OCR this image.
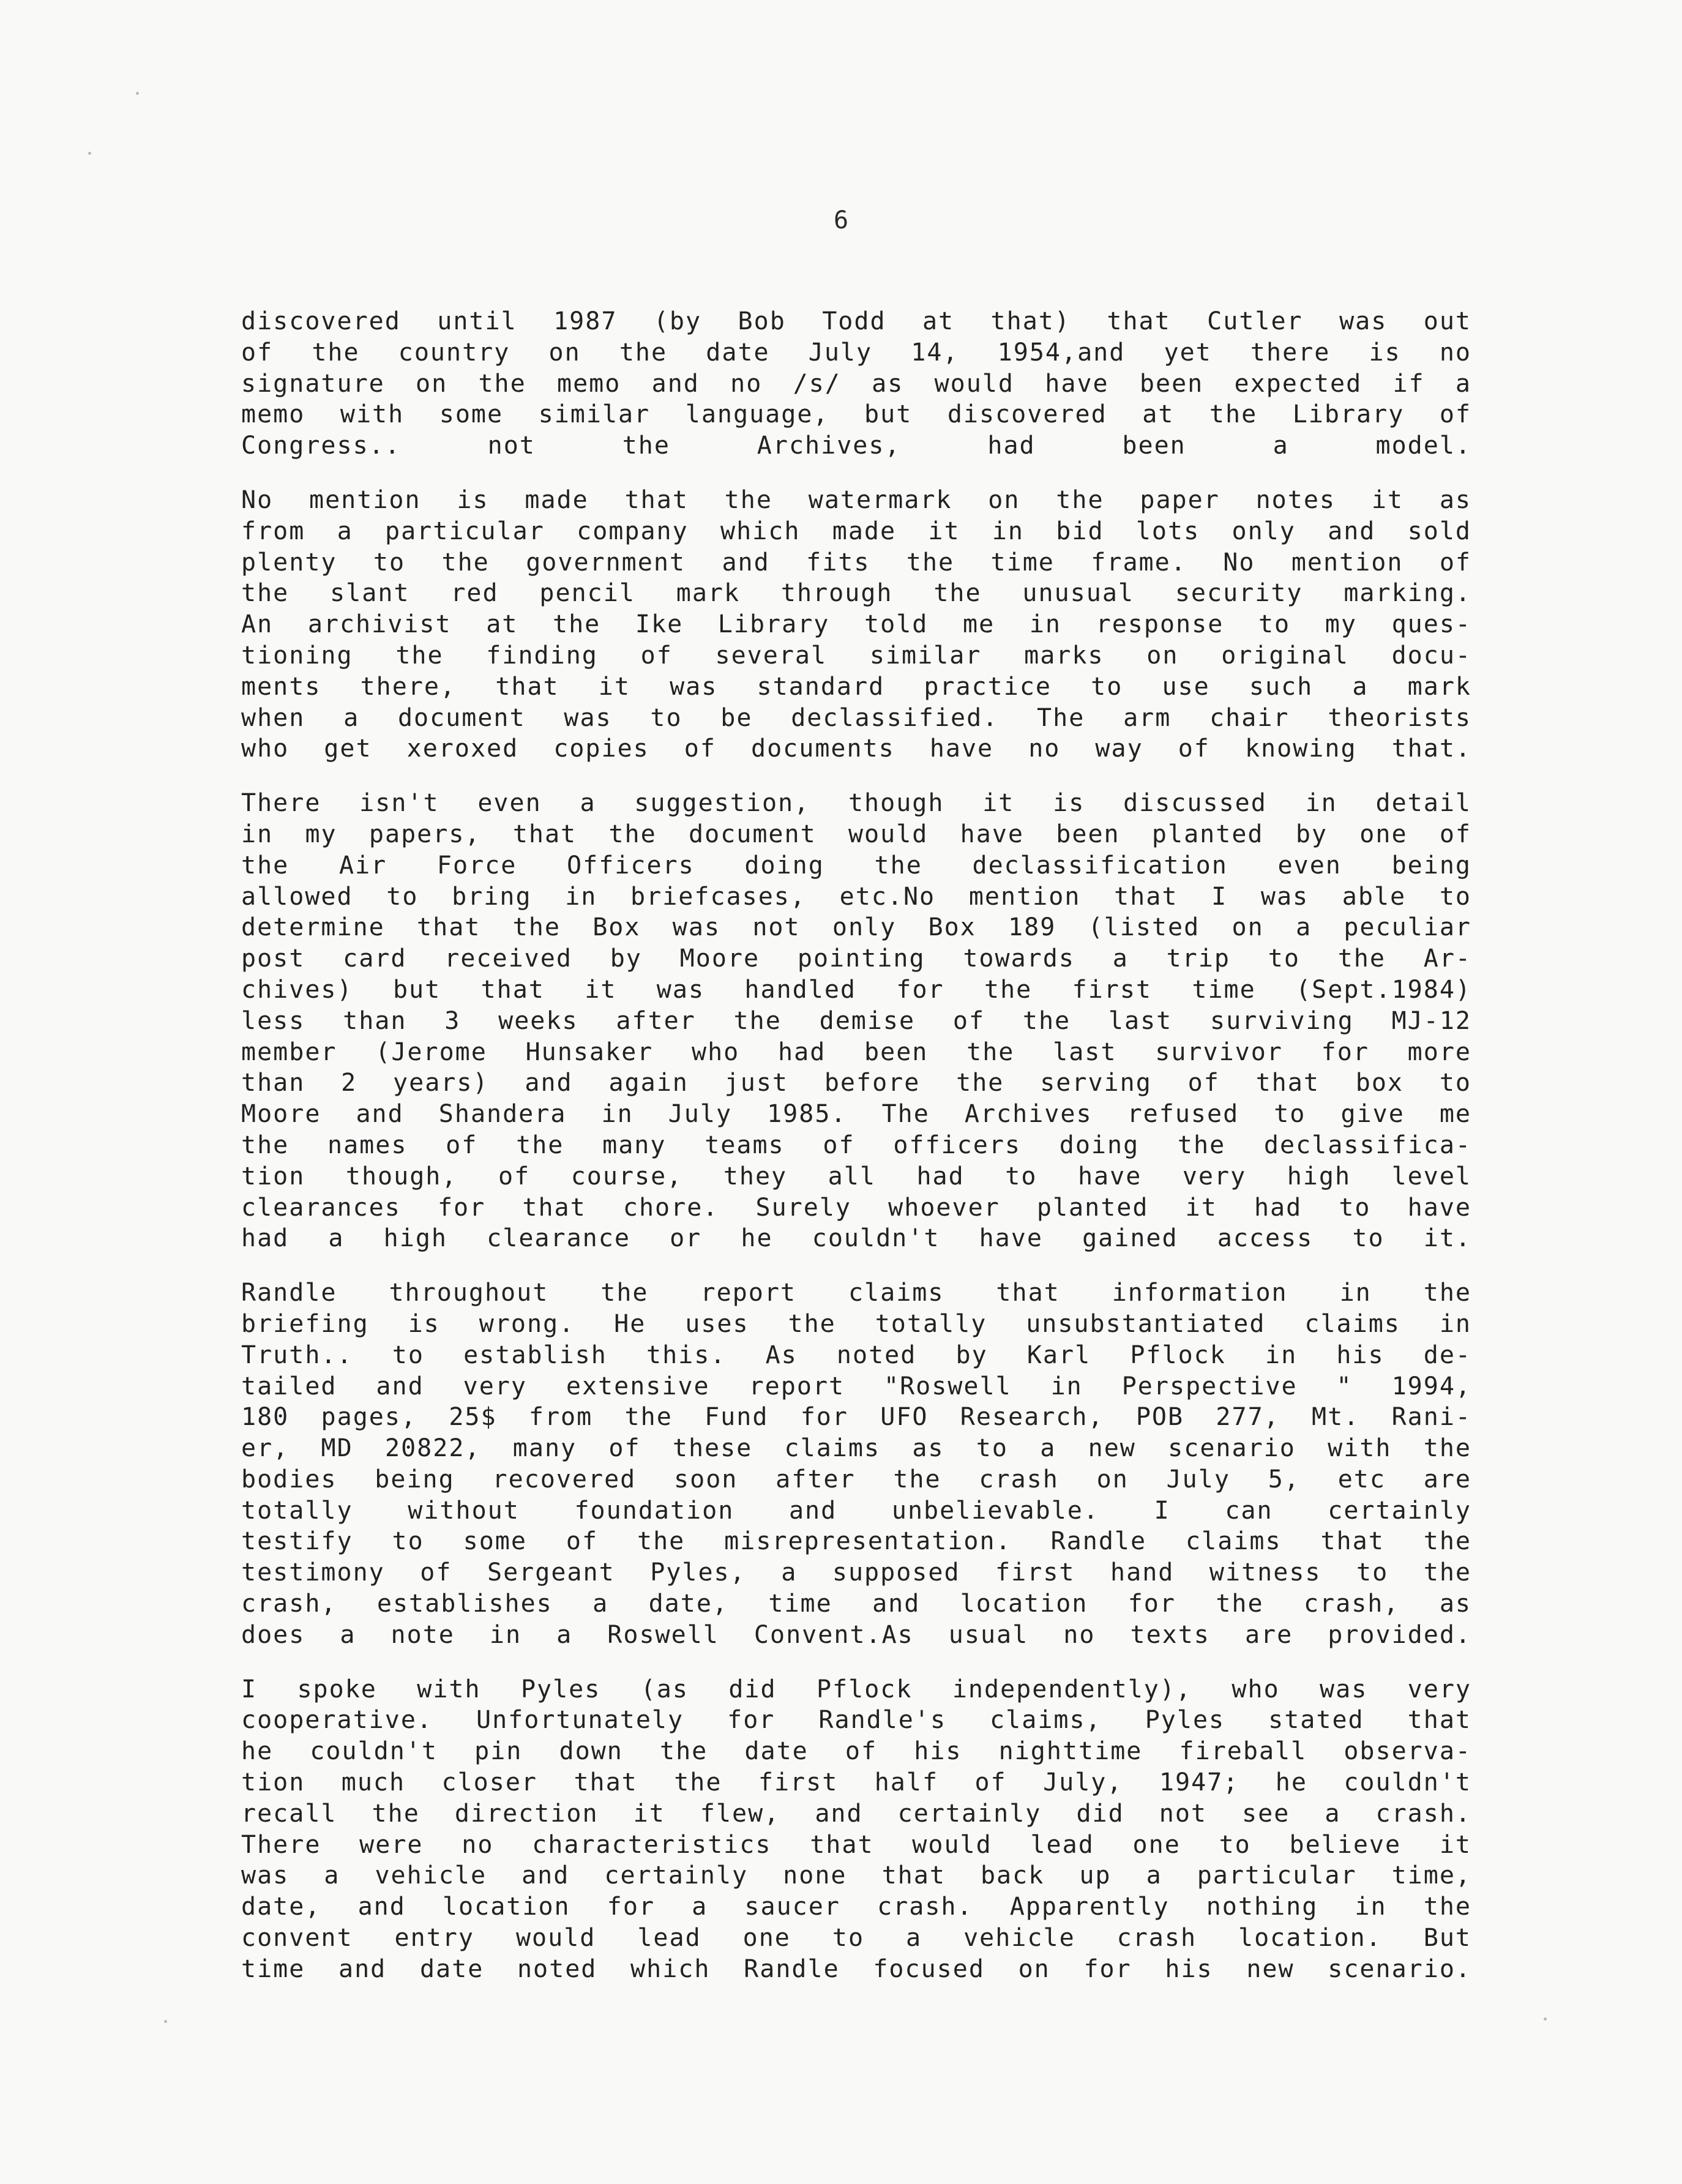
6

discovered until 1987 (by Bob Todd at that) that Cutler was out
of the country on the date July 14, 1954,and yet there is no
signature on the memo and no /s/ as would have been expected if a
memo with some similar language, but discovered at the Library of
Congress.. not the Archives, had been a model.

No mention is made that the watermark on the paper notes it as
from a particular company which made it in bid lots only and sold
plenty to the government and fits the time frame. No mention of
the slant red pencil mark through the unusual security marking.
An archivist at the Ike Library told me in response to my ques-
tioning the finding of several similar marks on original docu-
ments there, that it was standard practice to use such a mark
when a document was to be declassified. The arm chair theorists
who get xeroxed copies of documents have no way of knowing that.

There isn't even a suggestion, though it is discussed in detail
in my papers, that the document would have been planted by one of
the Air Force Officers doing the declassification even being
allowed to bring in briefcases, etc.No mention that I was able to
determine that the Box was not only Box 189 (listed on a peculiar
post card received by Moore pointing towards a trip to the Ar-
chives) but that it was handled for the first time (Sept.1984)
less than 3 weeks after the demise of the last surviving MJ-12
member (Jerome Hunsaker who had been the last survivor for more
than 2 years) and again just before the serving of that box to
Moore and Shandera in July 1985. The Archives refused to give me
the names of the many teams of officers doing the declassifica-
tion though, of course, they all had to have very high level
clearances for that chore. Surely whoever planted it had to have
had a high clearance or he couldn't have gained access to it.

Randle throughout the report claims that information in the
briefing is wrong. He uses the totally unsubstantiated claims in
Truth.. to establish this. As noted by Karl Pflock in his de-
tailed and very extensive report "Roswell in Perspective " 1994,
180 pages, 25$ from the Fund for UFO Research, POB 277, Mt. Rani-
er, MD 20822, many of these claims as to a new scenario with the
bodies being recovered soon after the crash on July 5, etc are
totally without foundation and unbelievable. I can certainly
testify to some of the misrepresentation. Randle claims that the
testimony of Sergeant Pyles, a supposed first hand witness to the
crash, establishes a date, time and location for the crash, as
does a note in a Roswell Convent.As usual no texts are provided.

I spoke with Pyles (as did Pflock independently), who was very
cooperative. Unfortunately for Randle's claims, Pyles stated that
he couldn't pin down the date of his nighttime fireball observa-
tion much closer that the first half of July, 1947; he couldn't
recall the direction it flew, and certainly did not see a crash.
There were no characteristics that would lead one to believe it
was a vehicle and certainly none that back up a particular time,
date, and location for a saucer crash. Apparently nothing in the
convent entry would lead one to a vehicle crash location. But
time and date noted which Randle focused on for his new scenario.
